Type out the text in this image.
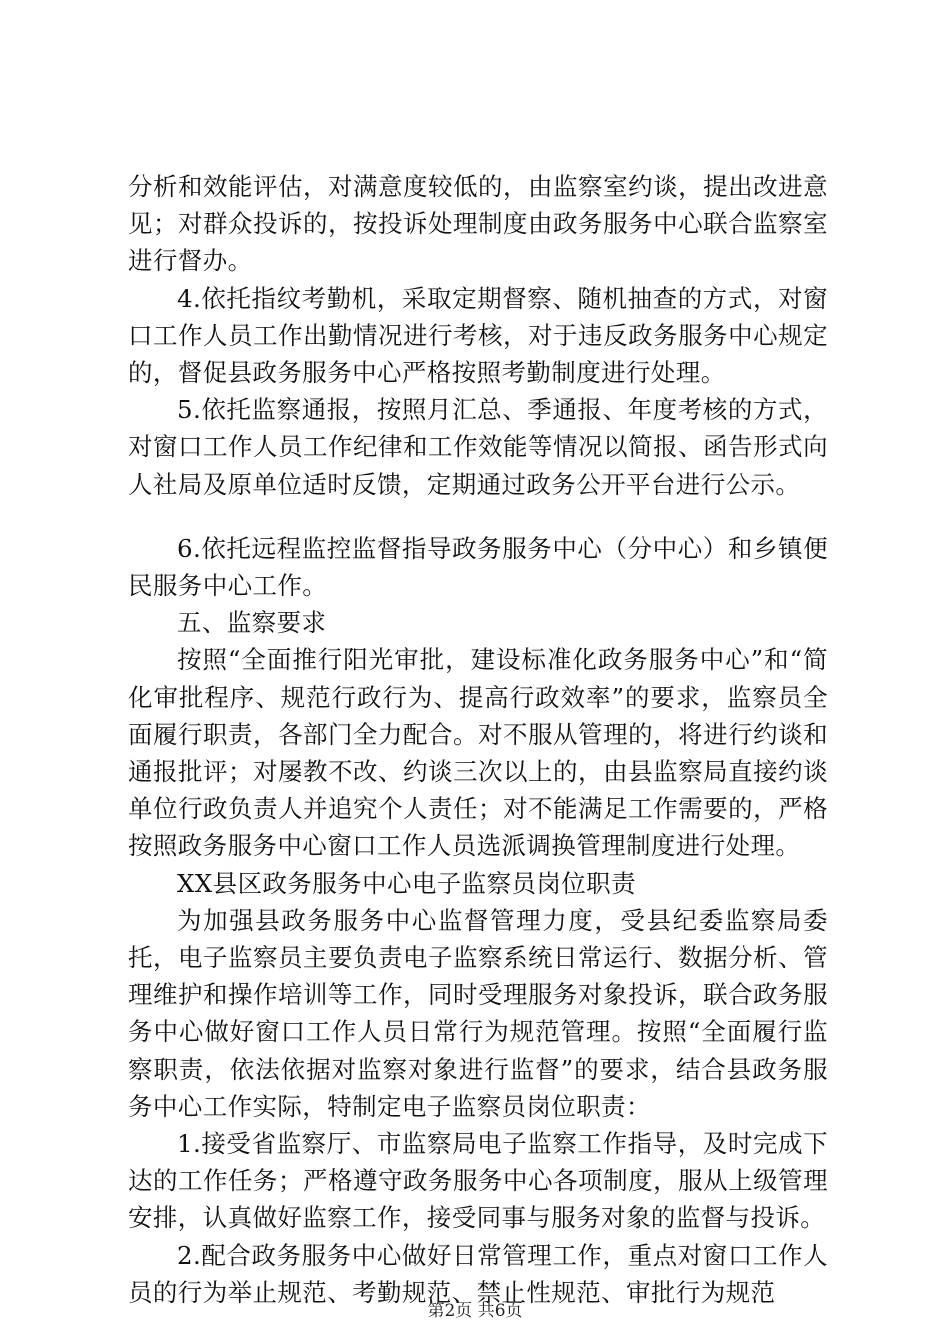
分析和效能评估，对满意度较低的，由监察室约谈，提出改进意见；对群众投诉的，按投诉处理制度由政务服务中心联合监察室进行督办。

4.依托指纹考勤机，采取定期督察、随机抽查的方式，对窗口工作人员工作出勤情况进行考核，对于违反政务服务中心规定的，督促县政务服务中心严格按照考勤制度进行处理。

5.依托监察通报，按照月汇总、季通报、年度考核的方式，对窗口工作人员工作纪律和工作效能等情况以简报、函告形式向人社局及原单位适时反馈，定期通过政务公开平台进行公示。

6.依托远程监控监督指导政务服务中心（分中心）和乡镇便民服务中心工作。

五、监察要求

按照“全面推行阳光审批，建设标准化政务服务中心”和“简化审批程序、规范行政行为、提高行政效率”的要求，监察员全面履行职责，各部门全力配合。对不服从管理的，将进行约谈和通报批评；对屡教不改、约谈三次以上的，由县监察局直接约谈单位行政负责人并追究个人责任；对不能满足工作需要的，严格按照政务服务中心窗口工作人员选派调换管理制度进行处理。

XX县区政务服务中心电子监察员岗位职责

为加强县政务服务中心监督管理力度，受县纪委监察局委托，电子监察员主要负责电子监察系统日常运行、数据分析、管理维护和操作培训等工作，同时受理服务对象投诉，联合政务服务中心做好窗口工作人员日常行为规范管理。按照“全面履行监察职责，依法依据对监察对象进行监督”的要求，结合县政务服务中心工作实际，特制定电子监察员岗位职责：

1.接受省监察厅、市监察局电子监察工作指导，及时完成下达的工作任务；严格遵守政务服务中心各项制度，服从上级管理安排，认真做好监察工作，接受同事与服务对象的监督与投诉。

2.配合政务服务中心做好日常管理工作，重点对窗口工作人员的行为举止规范、考勤规范、禁止性规范、审批行为规范

第2页 共6页
